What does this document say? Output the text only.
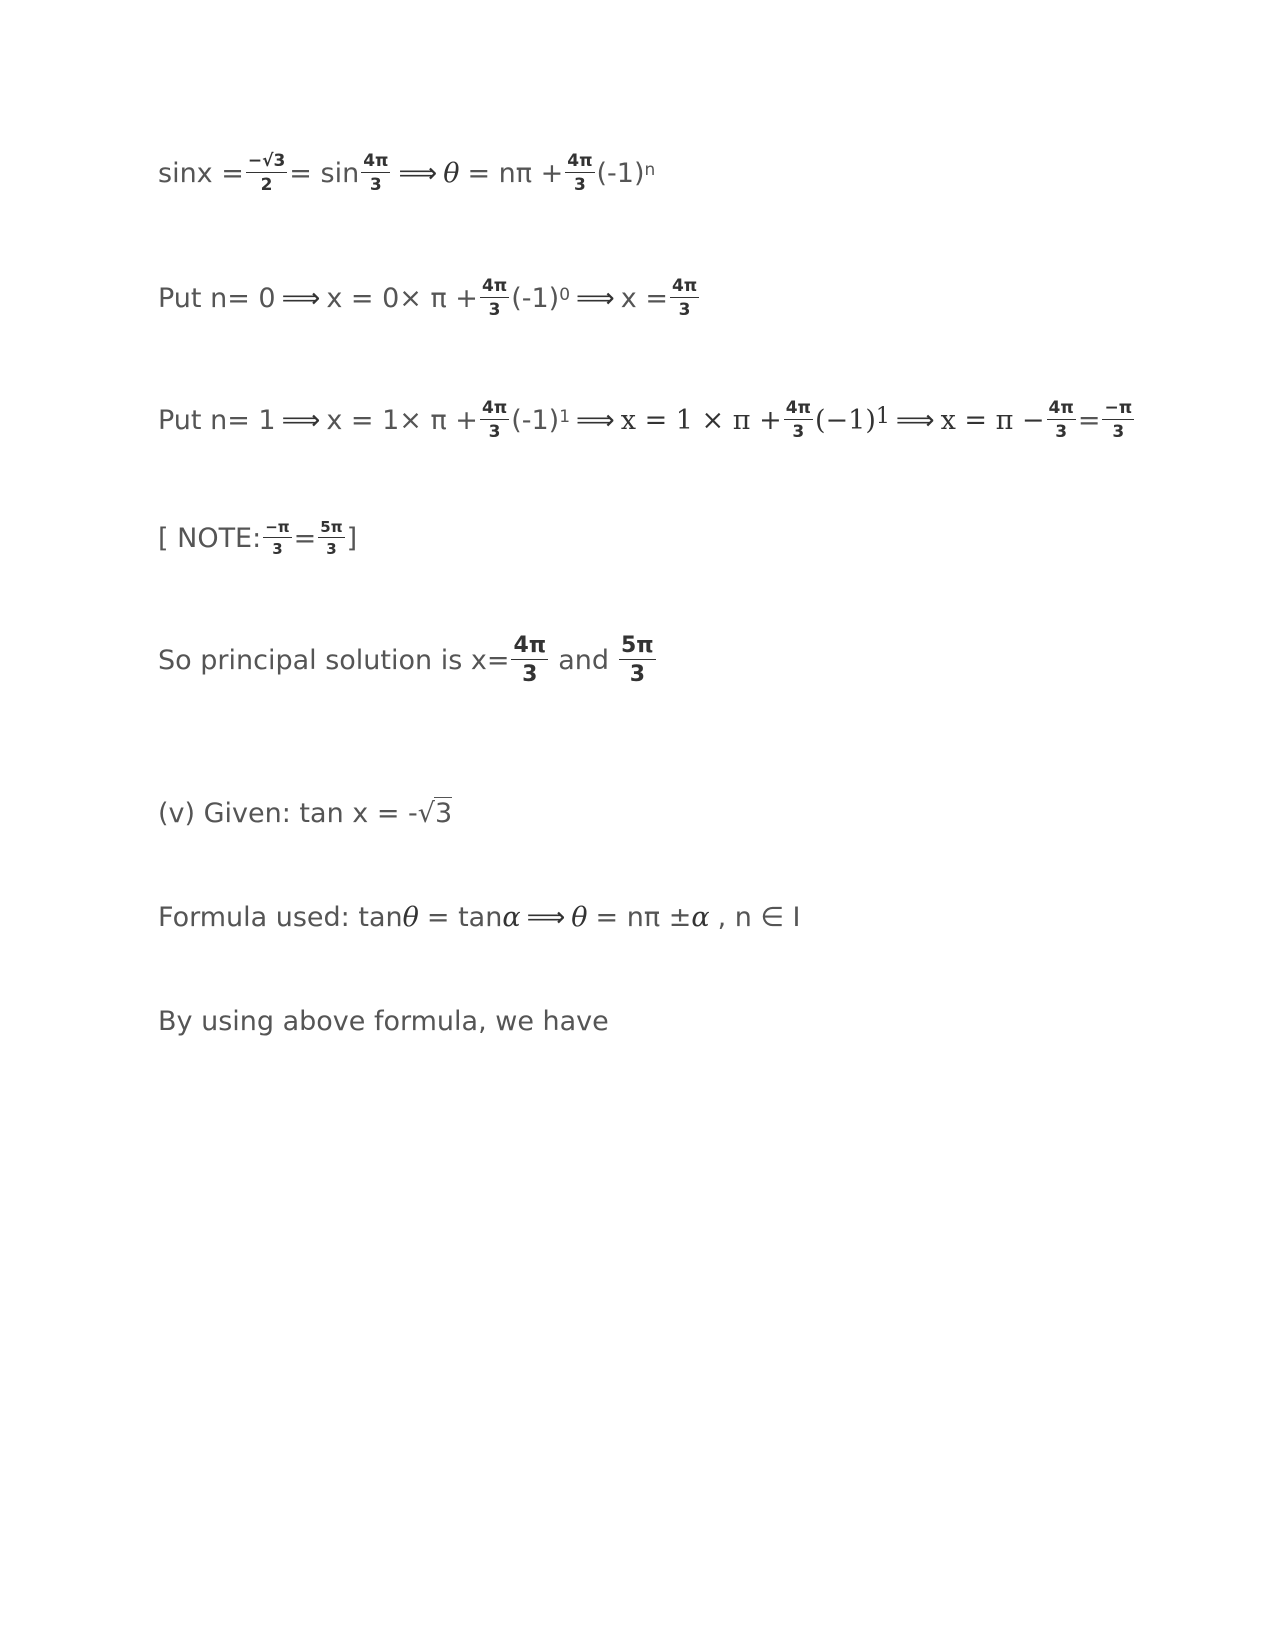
$\sin x = \frac{-√3}{2} = \sin \frac{4\pi}{3}$ ⟹ $\theta = n\pi + \frac{4\pi}{3} (-1)^n$
Put n= 0 ⟹ $x = 0\times \pi + \frac{4\pi}{3} (-1)^0$ ⟹ $x = \frac{4\pi}{3}$
Put n= 1 ⟹ $x = 1\times \pi + \frac{4\pi}{3} (-1)^1$ ⟹ $x = 1 \times \pi + \frac{4\pi}{3} (-1)^1$ ⟹ $x = \pi - \frac{4\pi}{3} = \frac{-\pi}{3}$
[ NOTE: $\frac{-\pi}{3} = \frac{5\pi}{3}$ ]
So principal solution is $x= \frac{4\pi}{3}$ and $\frac{5\pi}{3}$
(v) Given: tan x = - √ 3
Formula used: tan θ = tan α ⟹ θ = nπ ± α , n ∈ I
By using above formula, we have
